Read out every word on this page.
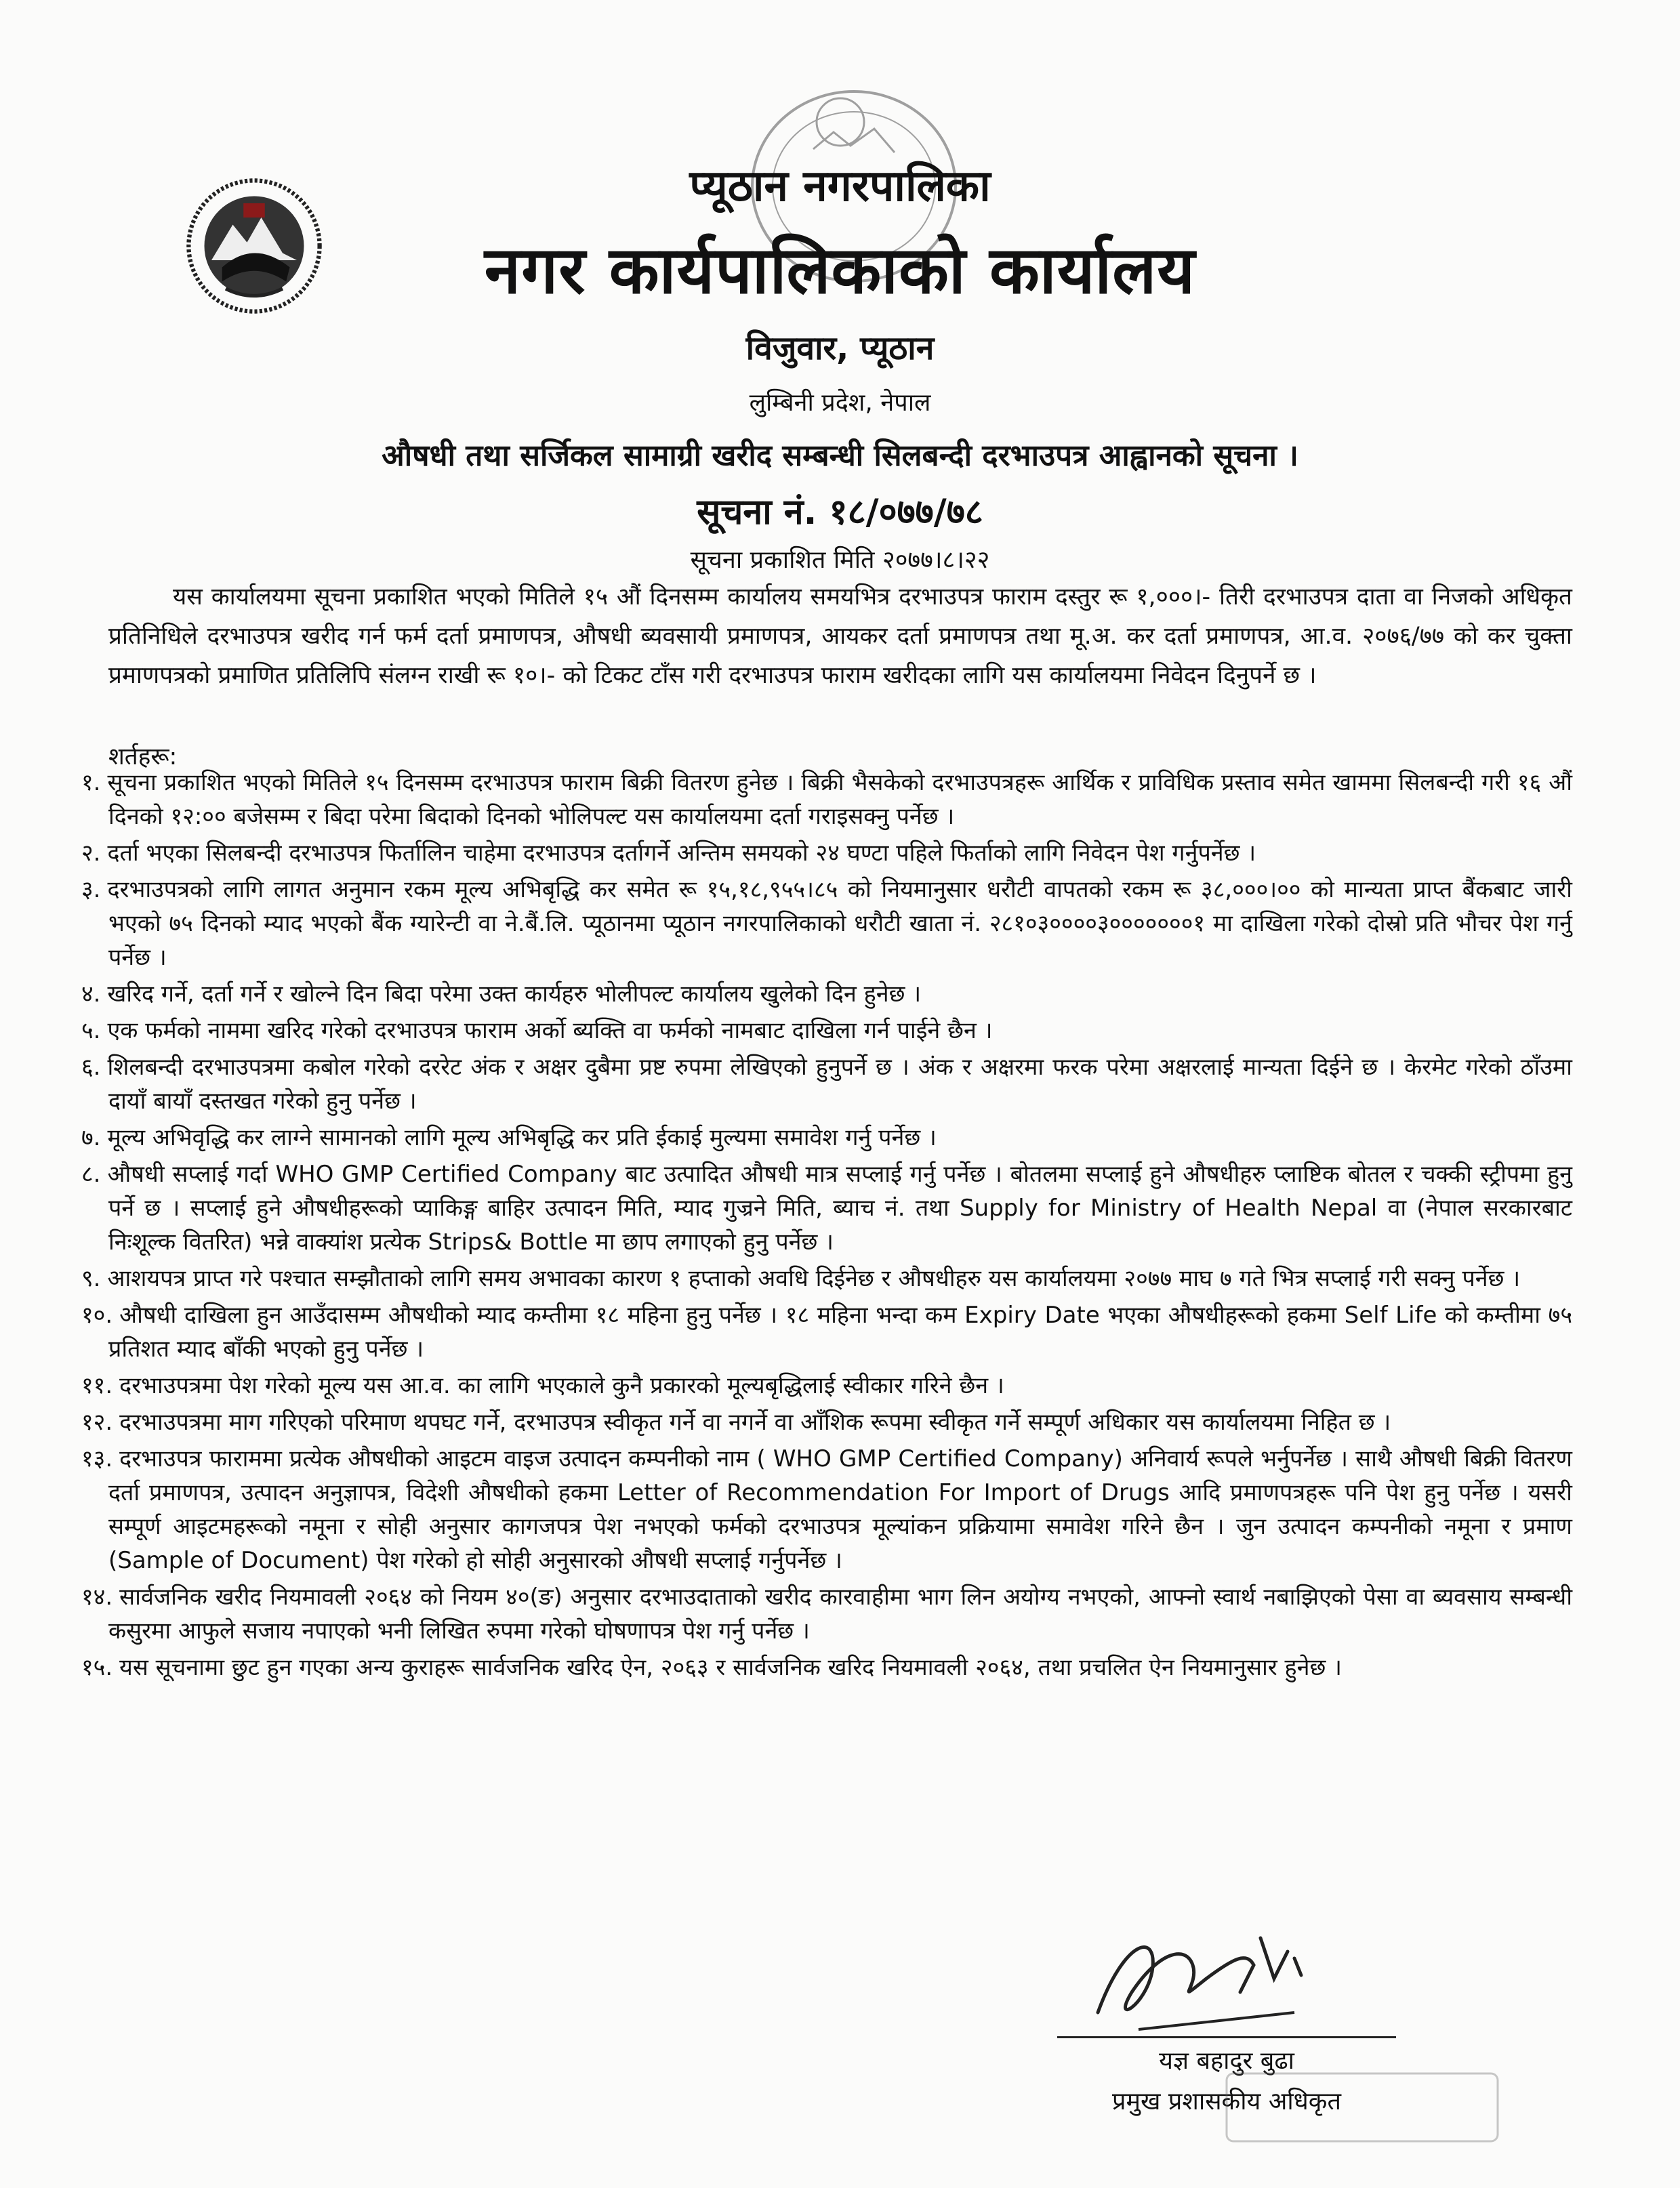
प्यूठान नगरपालिका
नगर कार्यपालिकाको कार्यालय
विजुवार, प्यूठान
लुम्बिनी प्रदेश, नेपाल
औषधी तथा सर्जिकल सामाग्री खरीद सम्बन्धी सिलबन्दी दरभाउपत्र आह्वानको सूचना ।
सूचना नं. १८/०७७/७८
सूचना प्रकाशित मिति २०७७।८।२२
यस कार्यालयमा सूचना प्रकाशित भएको मितिले १५ औं दिनसम्म कार्यालय समयभित्र दरभाउपत्र फाराम दस्तुर रू १,०००।- तिरी दरभाउपत्र दाता वा निजको अधिकृत प्रतिनिधिले दरभाउपत्र खरीद गर्न फर्म दर्ता प्रमाणपत्र, औषधी ब्यवसायी प्रमाणपत्र, आयकर दर्ता प्रमाणपत्र तथा मू.अ. कर दर्ता प्रमाणपत्र, आ.व. २०७६/७७ को कर चुक्ता प्रमाणपत्रको प्रमाणित प्रतिलिपि संलग्न राखी रू १०।- को टिकट टाँस गरी दरभाउपत्र फाराम खरीदका लागि यस कार्यालयमा निवेदन दिनुपर्ने छ ।
शर्तहरू:
१. सूचना प्रकाशित भएको मितिले १५ दिनसम्म दरभाउपत्र फाराम बिक्री वितरण हुनेछ । बिक्री भैसकेको दरभाउपत्रहरू आर्थिक र प्राविधिक प्रस्ताव समेत खाममा सिलबन्दी गरी १६ औं दिनको १२:०० बजेसम्म र बिदा परेमा बिदाको दिनको भोलिपल्ट यस कार्यालयमा दर्ता गराइसक्नु पर्नेछ ।
२. दर्ता भएका सिलबन्दी दरभाउपत्र फिर्तालिन चाहेमा दरभाउपत्र दर्तागर्ने अन्तिम समयको २४ घण्टा पहिले फिर्ताको लागि निवेदन पेश गर्नुपर्नेछ ।
३. दरभाउपत्रको लागि लागत अनुमान रकम मूल्य अभिबृद्धि कर समेत रू १५,१८,९५५।८५ को नियमानुसार धरौटी वापतको रकम रू ३८,०००।०० को मान्यता प्राप्त बैंकबाट जारी भएको ७५ दिनको म्याद भएको बैंक ग्यारेन्टी वा ने.बैं.लि. प्यूठानमा प्यूठान नगरपालिकाको धरौटी खाता नं. २८१०३००००३०००००००१ मा दाखिला गरेको दोस्रो प्रति भौचर पेश गर्नु पर्नेछ ।
४. खरिद गर्ने, दर्ता गर्ने र खोल्ने दिन बिदा परेमा उक्त कार्यहरु भोलीपल्ट कार्यालय खुलेको दिन हुनेछ ।
५. एक फर्मको नाममा खरिद गरेको दरभाउपत्र फाराम अर्को ब्यक्ति वा फर्मको नामबाट दाखिला गर्न पाईने छैन ।
६. शिलबन्दी दरभाउपत्रमा कबोल गरेको दररेट अंक र अक्षर दुबैमा प्रष्ट रुपमा लेखिएको हुनुपर्ने छ । अंक र अक्षरमा फरक परेमा अक्षरलाई मान्यता दिईने छ । केरमेट गरेको ठाँउमा दायाँ बायाँ दस्तखत गरेको हुनु पर्नेछ ।
७. मूल्य अभिवृद्धि कर लाग्ने सामानको लागि मूल्य अभिबृद्धि कर प्रति ईकाई मुल्यमा समावेश गर्नु पर्नेछ ।
८. औषधी सप्लाई गर्दा WHO GMP Certified Company बाट उत्पादित औषधी मात्र सप्लाई गर्नु पर्नेछ । बोतलमा सप्लाई हुने औषधीहरु प्लाष्टिक बोतल र चक्की स्ट्रीपमा हुनु पर्ने छ । सप्लाई हुने औषधीहरूको प्याकिङ्ग बाहिर उत्पादन मिति, म्याद गुज्रने मिति, ब्याच नं. तथा Supply for Ministry of Health Nepal वा (नेपाल सरकारबाट निःशूल्क वितरित) भन्ने वाक्यांश प्रत्येक Strips& Bottle मा छाप लगाएको हुनु पर्नेछ ।
९. आशयपत्र प्राप्त गरे पश्चात सम्झौताको लागि समय अभावका कारण १ हप्ताको अवधि दिईनेछ र औषधीहरु यस कार्यालयमा २०७७ माघ ७ गते भित्र सप्लाई गरी सक्नु पर्नेछ ।
१०. औषधी दाखिला हुन आउँदासम्म औषधीको म्याद कम्तीमा १८ महिना हुनु पर्नेछ । १८ महिना भन्दा कम Expiry Date भएका औषधीहरूको हकमा Self Life को कम्तीमा ७५ प्रतिशत म्याद बाँकी भएको हुनु पर्नेछ ।
११. दरभाउपत्रमा पेश गरेको मूल्य यस आ.व. का लागि भएकाले कुनै प्रकारको मूल्यबृद्धिलाई स्वीकार गरिने छैन ।
१२. दरभाउपत्रमा माग गरिएको परिमाण थपघट गर्ने, दरभाउपत्र स्वीकृत गर्ने वा नगर्ने वा आँशिक रूपमा स्वीकृत गर्ने सम्पूर्ण अधिकार यस कार्यालयमा निहित छ ।
१३. दरभाउपत्र फाराममा प्रत्येक औषधीको आइटम वाइज उत्पादन कम्पनीको नाम ( WHO GMP Certified Company) अनिवार्य रूपले भर्नुपर्नेछ । साथै औषधी बिक्री वितरण दर्ता प्रमाणपत्र, उत्पादन अनुज्ञापत्र, विदेशी औषधीको हकमा Letter of Recommendation For Import of Drugs आदि प्रमाणपत्रहरू पनि पेश हुनु पर्नेछ । यसरी सम्पूर्ण आइटमहरूको नमूना र सोही अनुसार कागजपत्र पेश नभएको फर्मको दरभाउपत्र मूल्यांकन प्रक्रियामा समावेश गरिने छैन । जुन उत्पादन कम्पनीको नमूना र प्रमाण (Sample of Document) पेश गरेको हो सोही अनुसारको औषधी सप्लाई गर्नुपर्नेछ ।
१४. सार्वजनिक खरीद नियमावली २०६४ को नियम ४०(ङ) अनुसार दरभाउदाताको खरीद कारवाहीमा भाग लिन अयोग्य नभएको, आफ्नो स्वार्थ नबाझिएको पेसा वा ब्यवसाय सम्बन्धी कसुरमा आफुले सजाय नपाएको भनी लिखित रुपमा गरेको घोषणापत्र पेश गर्नु पर्नेछ ।
१५. यस सूचनामा छुट हुन गएका अन्य कुराहरू सार्वजनिक खरिद ऐन, २०६३ र सार्वजनिक खरिद नियमावली २०६४, तथा प्रचलित ऐन नियमानुसार हुनेछ ।
यज्ञ बहादुर बुढा
प्रमुख प्रशासकीय अधिकृत
